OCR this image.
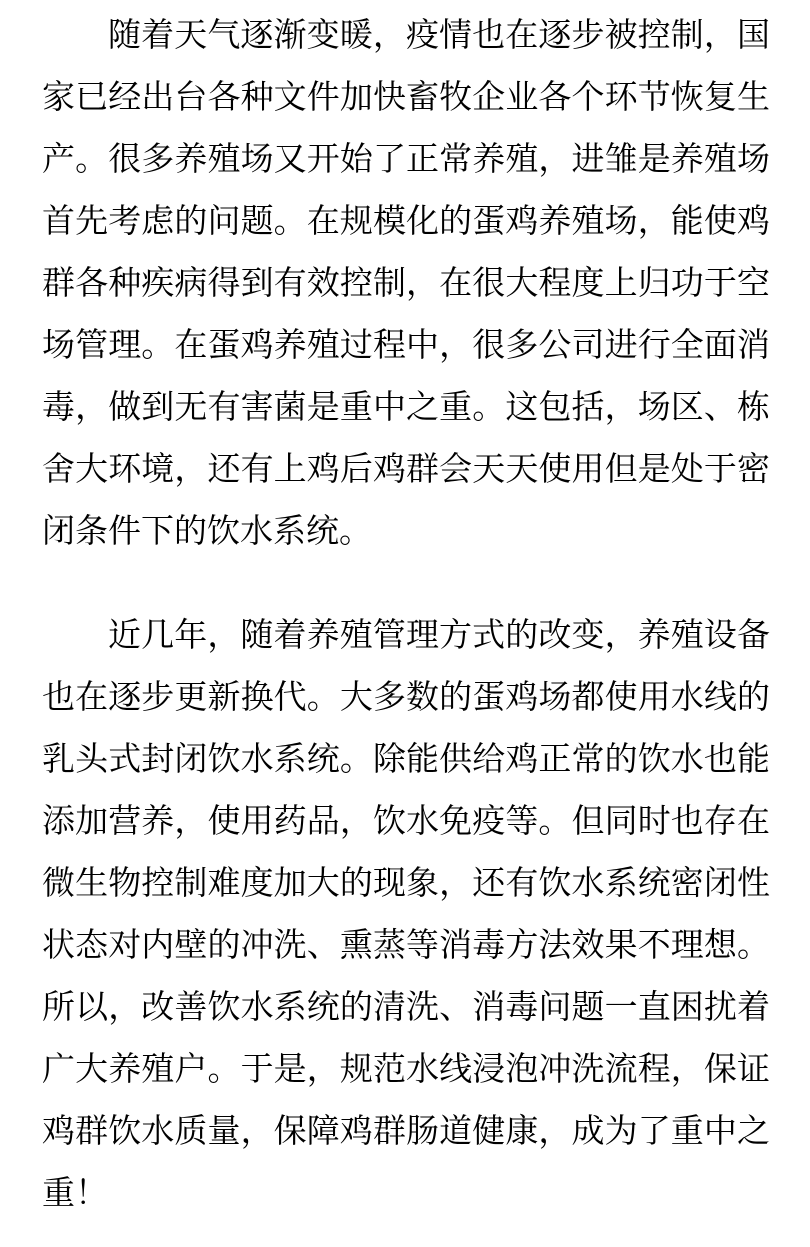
随着天气逐渐变暖，疫情也在逐步被控制，国家已经出台各种文件加快畜牧企业各个环节恢复生产。很多养殖场又开始了正常养殖，进雏是养殖场首先考虑的问题。在规模化的蛋鸡养殖场，能使鸡群各种疾病得到有效控制，在很大程度上归功于空场管理。在蛋鸡养殖过程中，很多公司进行全面消毒，做到无有害菌是重中之重。这包括，场区、栋舍大环境，还有上鸡后鸡群会天天使用但是处于密闭条件下的饮水系统。

近几年，随着养殖管理方式的改变，养殖设备也在逐步更新换代。大多数的蛋鸡场都使用水线的乳头式封闭饮水系统。除能供给鸡正常的饮水也能添加营养，使用药品，饮水免疫等。但同时也存在微生物控制难度加大的现象，还有饮水系统密闭性状态对内壁的冲洗、熏蒸等消毒方法效果不理想。所以，改善饮水系统的清洗、消毒问题一直困扰着广大养殖户。于是，规范水线浸泡冲洗流程，保证鸡群饮水质量，保障鸡群肠道健康，成为了重中之重！
